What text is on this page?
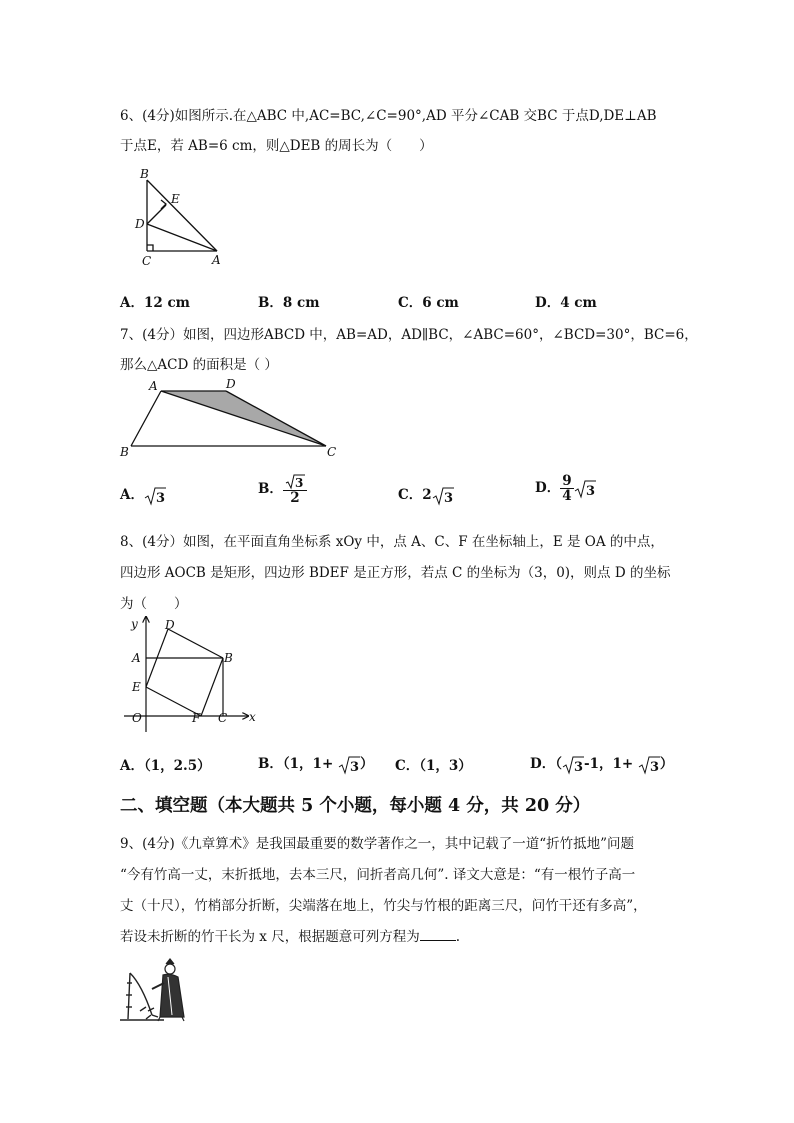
6、(4分)如图所示.在△ABC 中,AC=BC,∠C=90°,AD 平分∠CAB 交BC 于点D,DE⊥AB
于点E，若 AB=6 cm，则△DEB 的周长为（　　）
B
E
D
C	A
A．12 cm	B．8 cm	C．6 cm	D．4 cm
7、(4分）如图，四边形ABCD 中，AB=AD，AD∥BC，∠ABC=60°，∠BCD=30°，BC=6，
那么△ACD 的面积是（ ）
A	D
B	C
A． 3
B． $\frac{3}{2}$	C．2 3
D． $\frac{9}{4} 3$
8、(4分）如图，在平面直角坐标系 xOy 中，点 A、C、F 在坐标轴上，E 是 OA 的中点，
四边形 AOCB 是矩形，四边形 BDEF 是正方形，若点 C 的坐标为（3，0)，则点 D 的坐标
为（　　）
y
x
O
A	B
C
D
E
F
A．（1，2.5）	B．（1，1+ 3 ） C．（1，3）	D．（ 3 -1，1+ 3 ）
二、填空题（本大题共 5 个小题，每小题 4 分，共 20 分）
9、(4分)《九章算术》是我国最重要的数学著作之一，其中记载了一道“折竹抵地”问题
“今有竹高一丈，末折抵地，去本三尺，问折者高几何”. 译文大意是：“有一根竹子高一
丈（十尺），竹梢部分折断，尖端落在地上，竹尖与竹根的距离三尺，问竹干还有多高”，
若设未折断的竹干长为 x 尺，根据题意可列方程为	.
